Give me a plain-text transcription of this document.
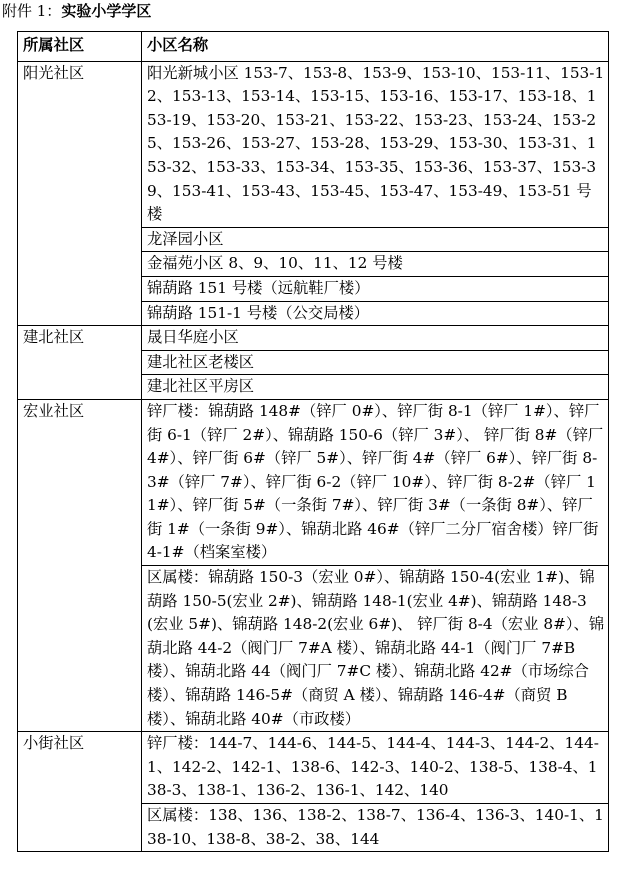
附件 1：实验小学学区
所属社区	小区名称
阳光社区	阳光新城小区 153-7、153-8、153-9、153-10、153-11、153-12、153-13、153-14、153-15、153-16、153-17、153-18、153-19、153-20、153-21、153-22、153-23、153-24、153-25、153-26、153-27、153-28、153-29、153-30、153-31、153-32、153-33、153-34、153-35、153-36、153-37、153-39、153-41、153-43、153-45、153-47、153-49、153-51 号楼
	龙泽园小区
	金福苑小区 8、9、10、11、12 号楼
	锦葫路 151 号楼（远航鞋厂楼）
	锦葫路 151-1 号楼（公交局楼）
建北社区	晟日华庭小区
	建北社区老楼区
	建北社区平房区
宏业社区	锌厂楼：锦葫路 148#（锌厂 0#）、锌厂街 8-1（锌厂 1#）、锌厂街 6-1（锌厂 2#）、锦葫路 150-6（锌厂 3#）、 锌厂街 8#（锌厂 4#）、锌厂街 6#（锌厂 5#）、锌厂街 4#（锌厂 6#）、锌厂街 8-3#（锌厂 7#）、锌厂街 6-2（锌厂 10#）、锌厂街 8-2#（锌厂 11#）、锌厂街 5#（一条街 7#）、锌厂街 3#（一条街 8#）、锌厂街 1#（一条街 9#）、锦葫北路 46#（锌厂二分厂宿舍楼）锌厂街 4-1#（档案室楼）
	区属楼：锦葫路 150-3（宏业 0#）、锦葫路 150-4(宏业 1#)、锦葫路 150-5(宏业 2#)、锦葫路 148-1(宏业 4#)、锦葫路 148-3(宏业 5#)、锦葫路 148-2(宏业 6#)、 锌厂街 8-4（宏业 8#）、锦葫北路 44-2（阀门厂 7#A 楼）、锦葫北路 44-1（阀门厂 7#B 楼）、锦葫北路 44（阀门厂 7#C 楼）、锦葫北路 42#（市场综合楼）、锦葫路 146-5#（商贸 A 楼）、锦葫路 146-4#（商贸 B 楼）、锦葫北路 40#（市政楼）
小街社区	锌厂楼：144-7、144-6、144-5、144-4、144-3、144-2、144-1、142-2、142-1、138-6、142-3、140-2、138-5、138-4、138-3、138-1、136-2、136-1、142、140
	区属楼：138、136、138-2、138-7、136-4、136-3、140-1、138-10、138-8、38-2、38、144
